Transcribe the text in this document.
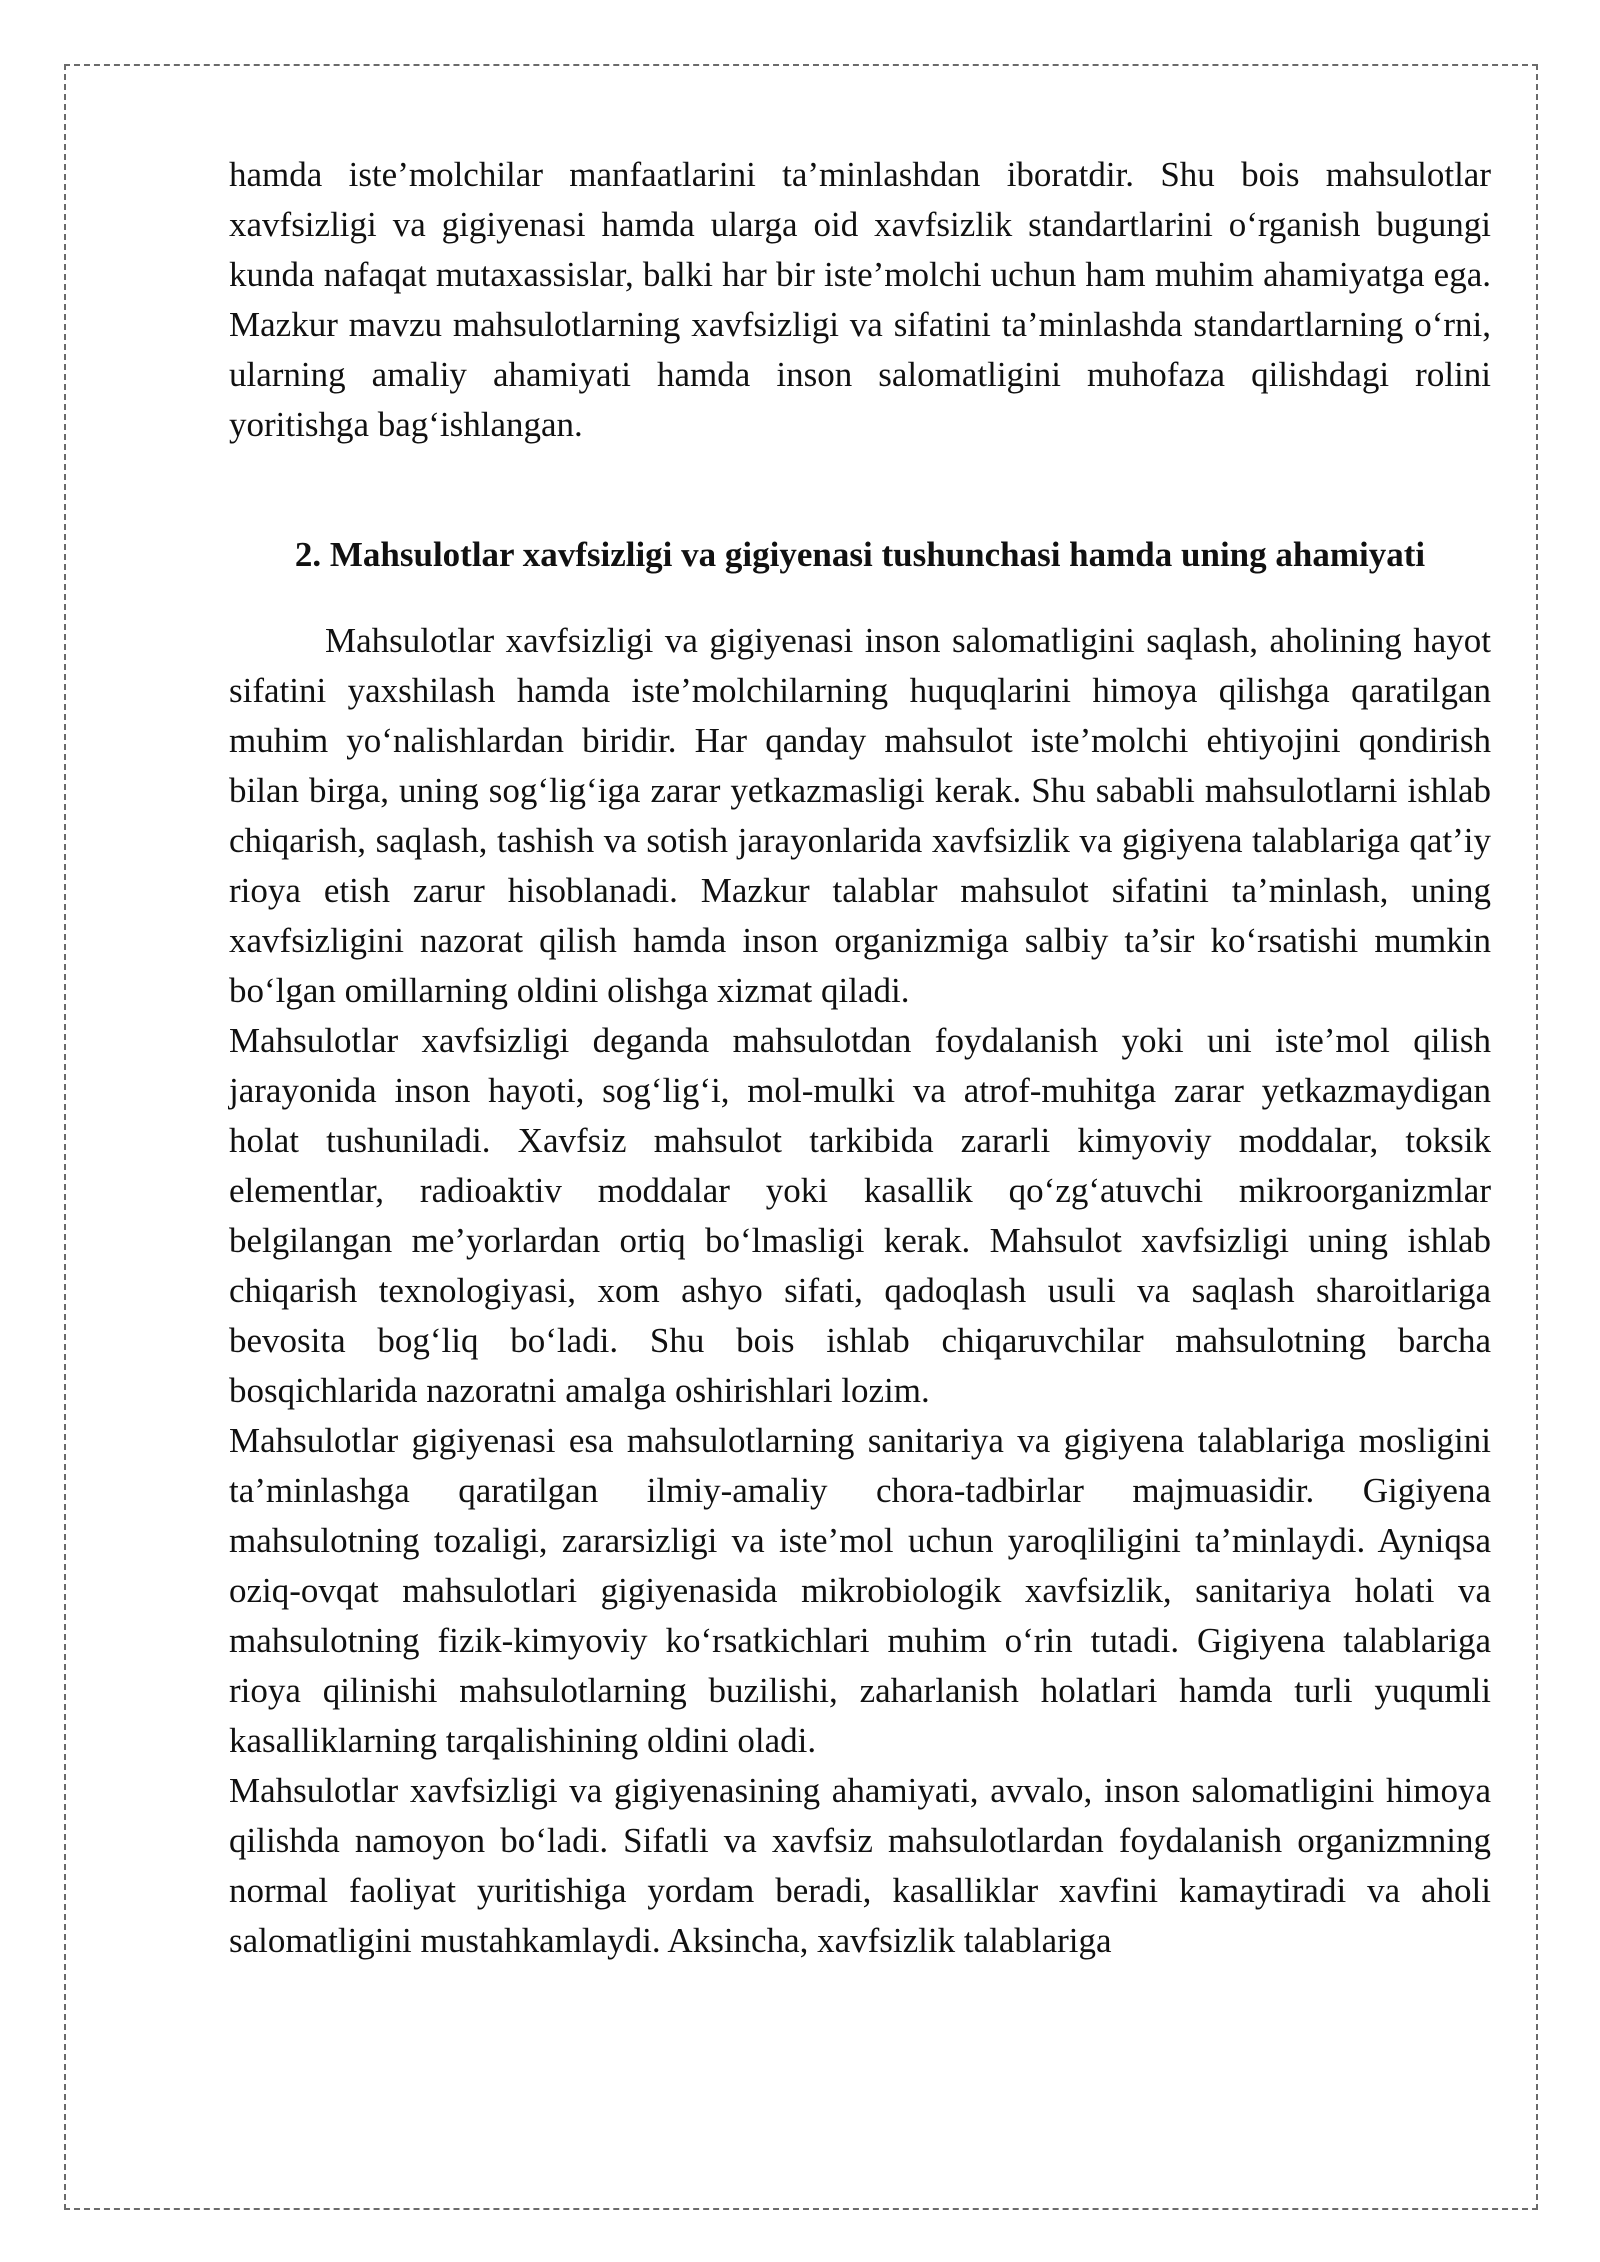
hamda iste’molchilar manfaatlarini ta’minlashdan iboratdir. Shu bois mahsulotlar xavfsizligi va gigiyenasi hamda ularga oid xavfsizlik standartlarini o‘rganish bugungi kunda nafaqat mutaxassislar, balki har bir iste’molchi uchun ham muhim ahamiyatga ega. Mazkur mavzu mahsulotlarning xavfsizligi va sifatini ta’minlashda standartlarning o‘rni, ularning amaliy ahamiyati hamda inson salomatligini muhofaza qilishdagi rolini yoritishga bag‘ishlangan.

2. Mahsulotlar xavfsizligi va gigiyenasi tushunchasi hamda uning ahamiyati

Mahsulotlar xavfsizligi va gigiyenasi inson salomatligini saqlash, aholining hayot sifatini yaxshilash hamda iste’molchilarning huquqlarini himoya qilishga qaratilgan muhim yo‘nalishlardan biridir. Har qanday mahsulot iste’molchi ehtiyojini qondirish bilan birga, uning sog‘lig‘iga zarar yetkazmasligi kerak. Shu sababli mahsulotlarni ishlab chiqarish, saqlash, tashish va sotish jarayonlarida xavfsizlik va gigiyena talablariga qat’iy rioya etish zarur hisoblanadi. Mazkur talablar mahsulot sifatini ta’minlash, uning xavfsizligini nazorat qilish hamda inson organizmiga salbiy ta’sir ko‘rsatishi mumkin bo‘lgan omillarning oldini olishga xizmat qiladi.

Mahsulotlar xavfsizligi deganda mahsulotdan foydalanish yoki uni iste’mol qilish jarayonida inson hayoti, sog‘lig‘i, mol-mulki va atrof-muhitga zarar yetkazmaydigan holat tushuniladi. Xavfsiz mahsulot tarkibida zararli kimyoviy moddalar, toksik elementlar, radioaktiv moddalar yoki kasallik qo‘zg‘atuvchi mikroorganizmlar belgilangan me’yorlardan ortiq bo‘lmasligi kerak. Mahsulot xavfsizligi uning ishlab chiqarish texnologiyasi, xom ashyo sifati, qadoqlash usuli va saqlash sharoitlariga bevosita bog‘liq bo‘ladi. Shu bois ishlab chiqaruvchilar mahsulotning barcha bosqichlarida nazoratni amalga oshirishlari lozim.

Mahsulotlar gigiyenasi esa mahsulotlarning sanitariya va gigiyena talablariga mosligini ta’minlashga qaratilgan ilmiy-amaliy chora-tadbirlar majmuasidir. Gigiyena mahsulotning tozaligi, zararsizligi va iste’mol uchun yaroqliligini ta’minlaydi. Ayniqsa oziq-ovqat mahsulotlari gigiyenasida mikrobiologik xavfsizlik, sanitariya holati va mahsulotning fizik-kimyoviy ko‘rsatkichlari muhim o‘rin tutadi. Gigiyena talablariga rioya qilinishi mahsulotlarning buzilishi, zaharlanish holatlari hamda turli yuqumli kasalliklarning tarqalishining oldini oladi.

Mahsulotlar xavfsizligi va gigiyenasining ahamiyati, avvalo, inson salomatligini himoya qilishda namoyon bo‘ladi. Sifatli va xavfsiz mahsulotlardan foydalanish organizmning normal faoliyat yuritishiga yordam beradi, kasalliklar xavfini kamaytiradi va aholi salomatligini mustahkamlaydi. Aksincha, xavfsizlik talablariga
